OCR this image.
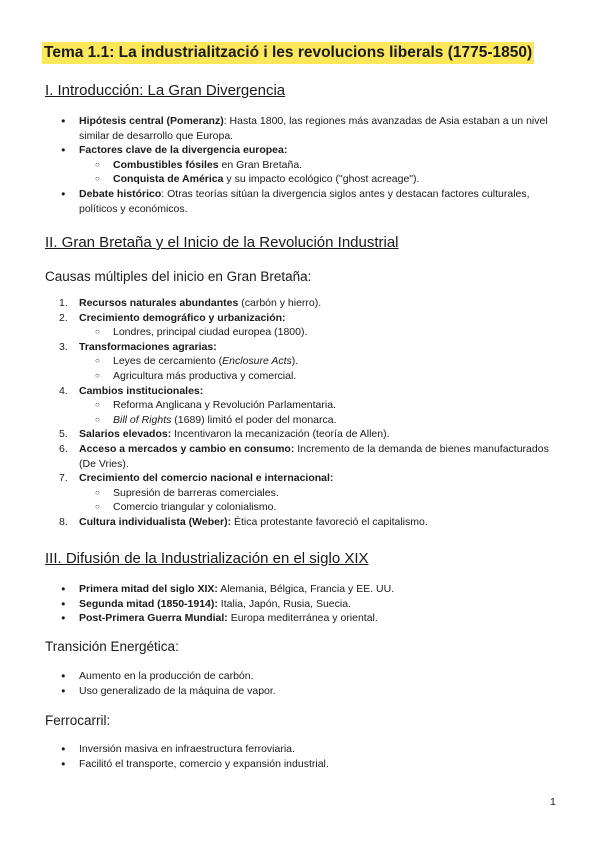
Tema 1.1: La industrialització i les revolucions liberals (1775-1850)
I. Introducción: La Gran Divergencia
● Hipótesis central (Pomeranz): Hasta 1800, las regiones más avanzadas de Asia estaban a un nivel similar de desarrollo que Europa.
● Factores clave de la divergencia europea:
○ Combustibles fósiles en Gran Bretaña.
○ Conquista de América y su impacto ecológico ("ghost acreage").
● Debate histórico: Otras teorías sitúan la divergencia siglos antes y destacan factores culturales, políticos y económicos.
II. Gran Bretaña y el Inicio de la Revolución Industrial
Causas múltiples del inicio en Gran Bretaña:
1. Recursos naturales abundantes (carbón y hierro).
2. Crecimiento demográfico y urbanización:
○ Londres, principal ciudad europea (1800).
3. Transformaciones agrarias:
○ Leyes de cercamiento (Enclosure Acts).
○ Agricultura más productiva y comercial.
4. Cambios institucionales:
○ Reforma Anglicana y Revolución Parlamentaria.
○ Bill of Rights (1689) limitó el poder del monarca.
5. Salarios elevados: Incentivaron la mecanización (teoría de Allen).
6. Acceso a mercados y cambio en consumo: Incremento de la demanda de bienes manufacturados (De Vries).
7. Crecimiento del comercio nacional e internacional:
○ Supresión de barreras comerciales.
○ Comercio triangular y colonialismo.
8. Cultura individualista (Weber): Ética protestante favoreció el capitalismo.
III. Difusión de la Industrialización en el siglo XIX
● Primera mitad del siglo XIX: Alemania, Bélgica, Francia y EE. UU.
● Segunda mitad (1850-1914): Italia, Japón, Rusia, Suecia.
● Post-Primera Guerra Mundial: Europa mediterránea y oriental.
Transición Energética:
● Aumento en la producción de carbón.
● Uso generalizado de la máquina de vapor.
Ferrocarril:
● Inversión masiva en infraestructura ferroviaria.
● Facilitó el transporte, comercio y expansión industrial.
1
